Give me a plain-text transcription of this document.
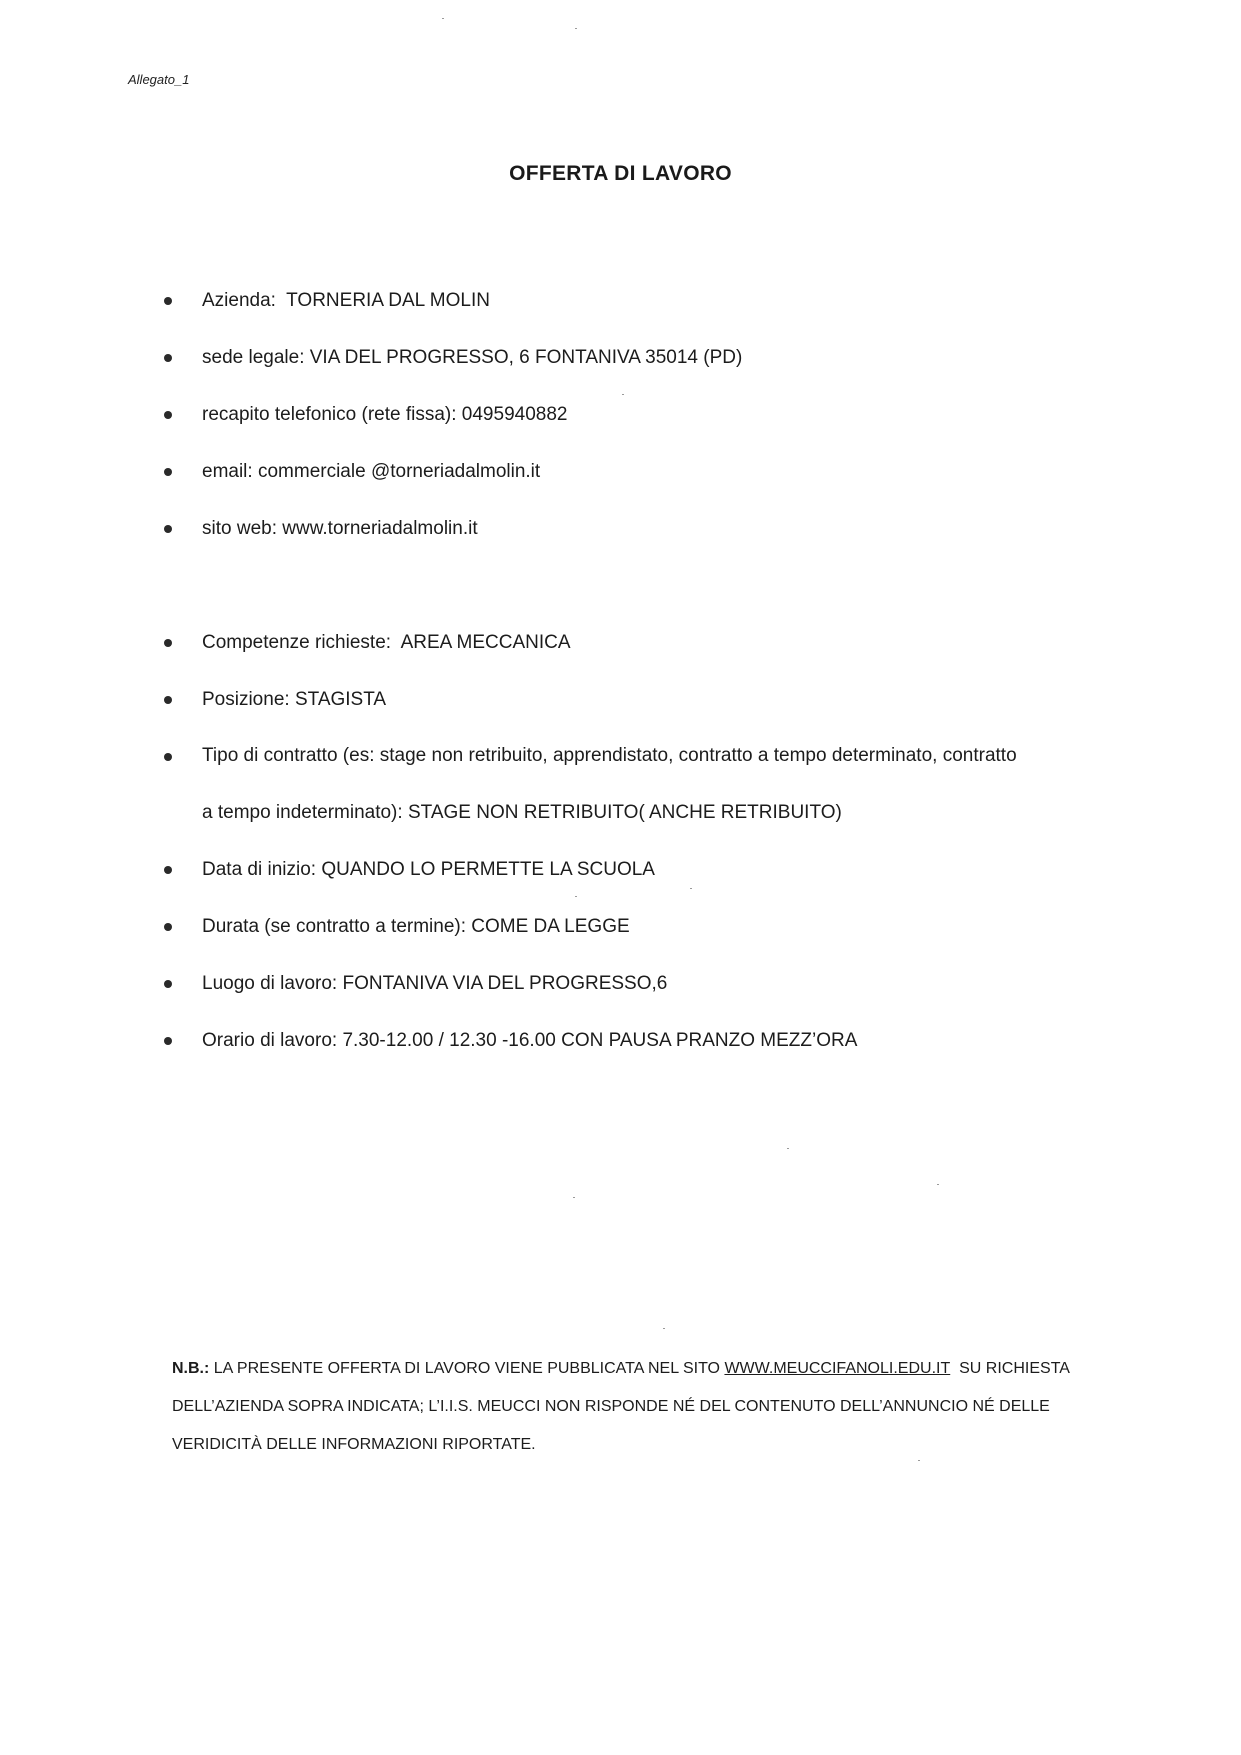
Allegato_1
OFFERTA DI LAVORO
Azienda: TORNERIA DAL MOLIN
sede legale: VIA DEL PROGRESSO, 6 FONTANIVA 35014 (PD)
recapito telefonico (rete fissa): 0495940882
email: commerciale @torneriadalmolin.it
sito web: www.torneriadalmolin.it
Competenze richieste: AREA MECCANICA
Posizione: STAGISTA
Tipo di contratto (es: stage non retribuito, apprendistato, contratto a tempo determinato, contratto
a tempo indeterminato): STAGE NON RETRIBUITO( ANCHE RETRIBUITO)
Data di inizio: QUANDO LO PERMETTE LA SCUOLA
Durata (se contratto a termine): COME DA LEGGE
Luogo di lavoro: FONTANIVA VIA DEL PROGRESSO,6
Orario di lavoro: 7.30-12.00 / 12.30 -16.00 CON PAUSA PRANZO MEZZ’ORA
N.B.: LA PRESENTE OFFERTA DI LAVORO VIENE PUBBLICATA NEL SITO WWW.MEUCCIFANOLI.EDU.IT SU RICHIESTA DELL’AZIENDA SOPRA INDICATA; L’I.I.S. MEUCCI NON RISPONDE NÉ DEL CONTENUTO DELL’ANNUNCIO NÉ DELLE VERIDICITÀ DELLE INFORMAZIONI RIPORTATE.
